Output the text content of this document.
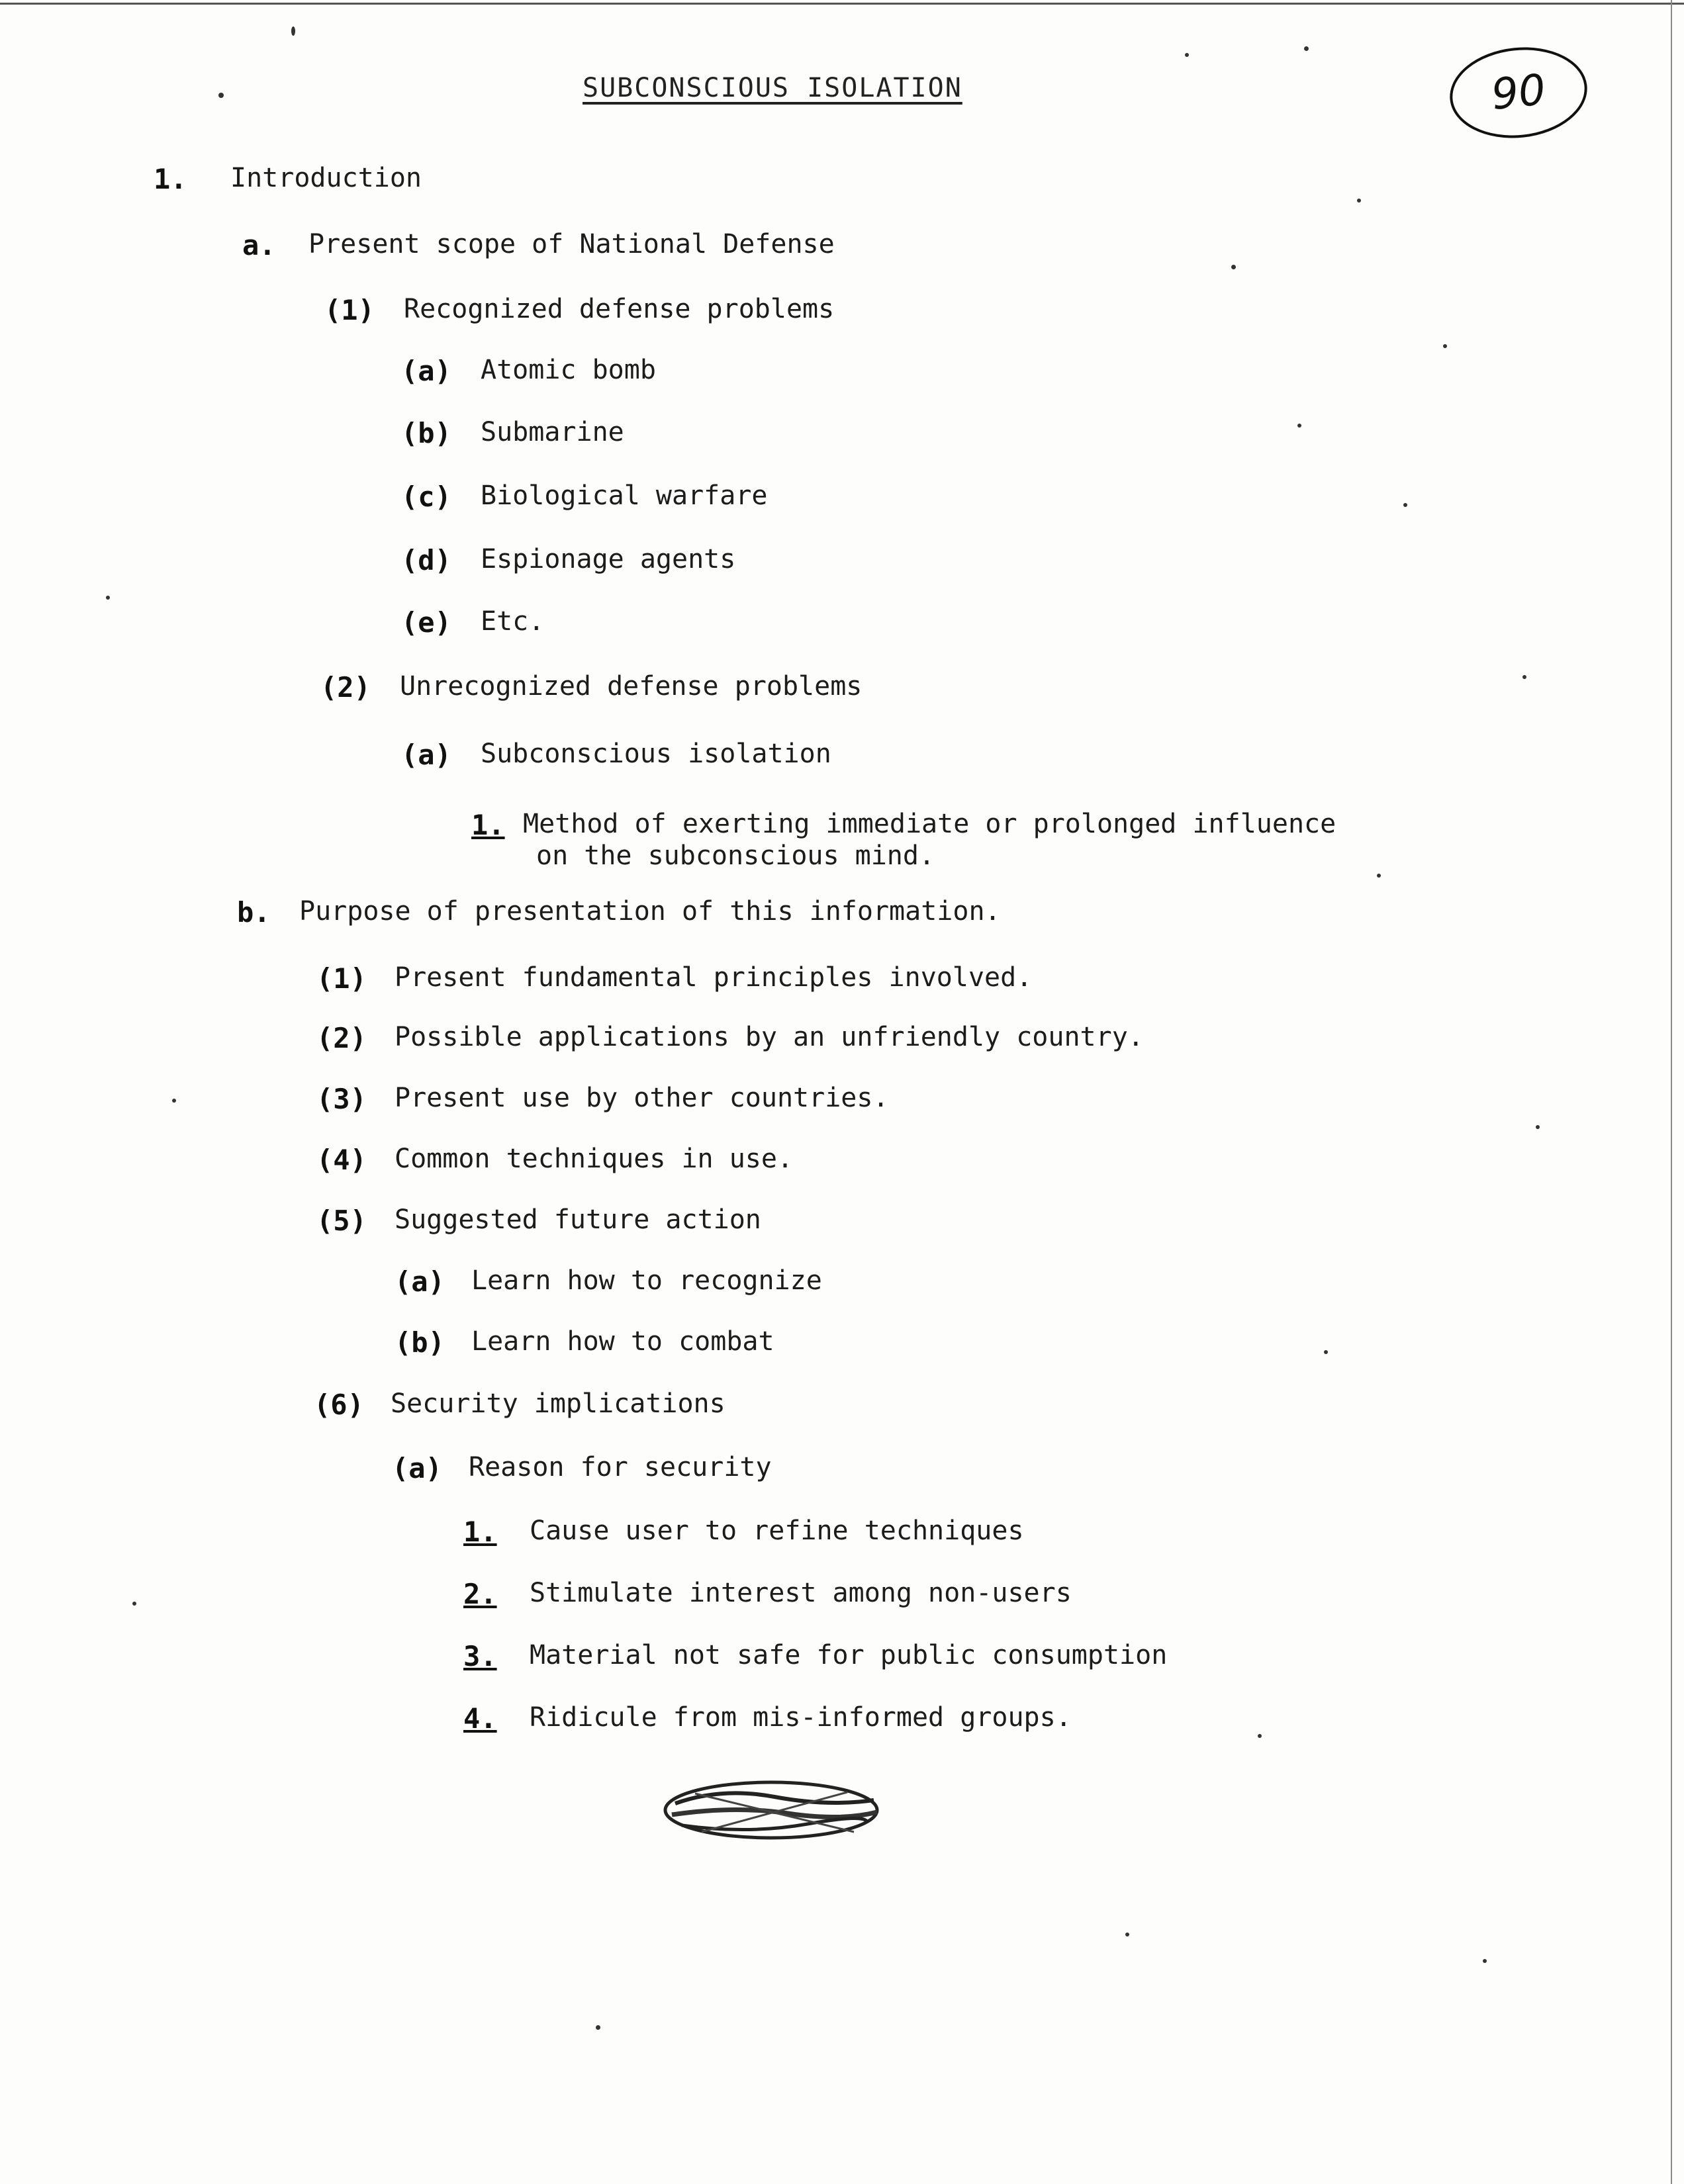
SUBCONSCIOUS ISOLATION	90
1. Introduction
a. Present scope of National Defense
(1) Recognized defense problems
(a) Atomic bomb
(b) Submarine
(c) Biological warfare
(d) Espionage agents
(e) Etc.
(2) Unrecognized defense problems
(a) Subconscious isolation
1. Method of exerting immediate or prolonged influence
on the subconscious mind.
b. Purpose of presentation of this information.
(1) Present fundamental principles involved.
(2) Possible applications by an unfriendly country.
(3) Present use by other countries.
(4) Common techniques in use.
(5) Suggested future action
(a) Learn how to recognize
(b) Learn how to combat
(6) Security implications
(a) Reason for security
1. Cause user to refine techniques
2. Stimulate interest among non-users
3. Material not safe for public consumption
4. Ridicule from mis-informed groups.
